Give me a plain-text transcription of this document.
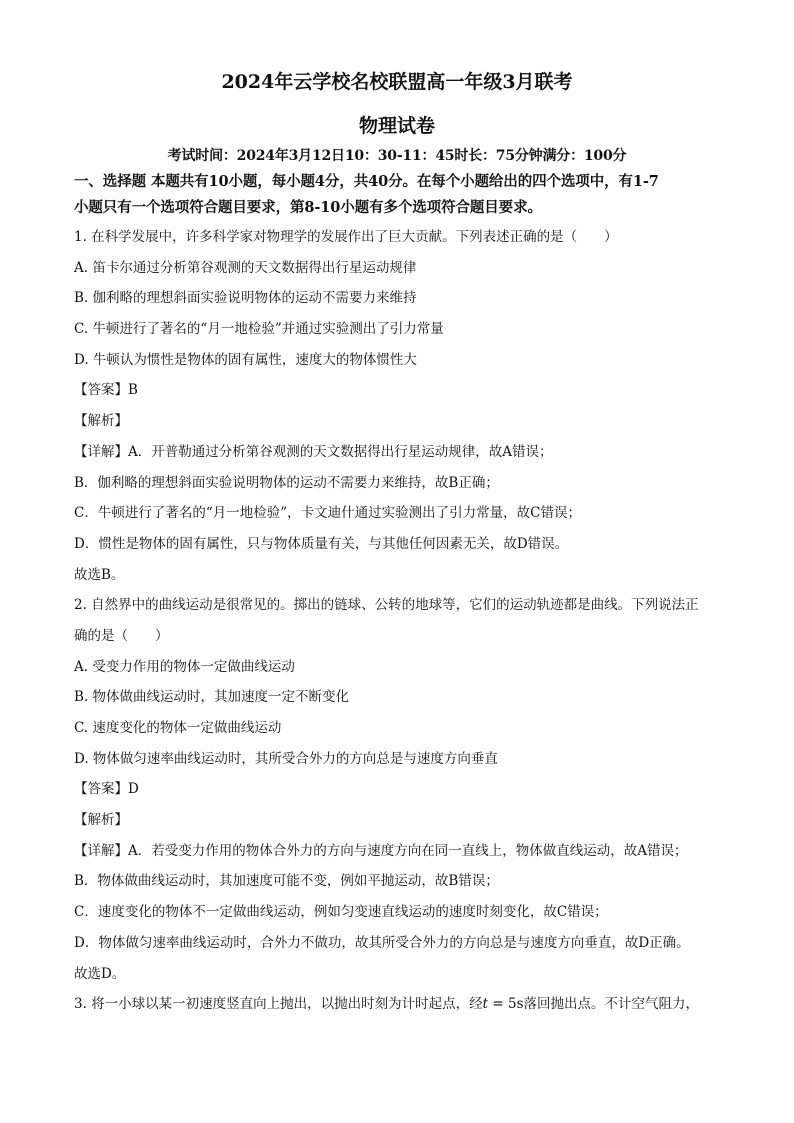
2024年云学校名校联盟高一年级3月联考
物理试卷
考试时间：2024年3月12日10：30-11：45时长：75分钟满分：100分
一、选择题 本题共有10小题，每小题4分，共40分。在每个小题给出的四个选项中，有1-7
小题只有一个选项符合题目要求，第8-10小题有多个选项符合题目要求。
1. 在科学发展中，许多科学家对物理学的发展作出了巨大贡献。下列表述正确的是（　　）
A. 笛卡尔通过分析第谷观测的天文数据得出行星运动规律
B. 伽利略的理想斜面实验说明物体的运动不需要力来维持
C. 牛顿进行了著名的“月一地检验”并通过实验测出了引力常量
D. 牛顿认为惯性是物体的固有属性，速度大的物体惯性大
【答案】B
【解析】
【详解】A．开普勒通过分析第谷观测的天文数据得出行星运动规律，故A错误；
B．伽利略的理想斜面实验说明物体的运动不需要力来维持，故B正确；
C．牛顿进行了著名的“月一地检验”，卡文迪什通过实验测出了引力常量，故C错误；
D．惯性是物体的固有属性，只与物体质量有关，与其他任何因素无关，故D错误。
故选B。
2. 自然界中的曲线运动是很常见的。掷出的链球、公转的地球等，它们的运动轨迹都是曲线。下列说法正
确的是（　　）
A. 受变力作用的物体一定做曲线运动
B. 物体做曲线运动时，其加速度一定不断变化
C. 速度变化的物体一定做曲线运动
D. 物体做匀速率曲线运动时，其所受合外力的方向总是与速度方向垂直
【答案】D
【解析】
【详解】A．若受变力作用的物体合外力的方向与速度方向在同一直线上，物体做直线运动，故A错误；
B．物体做曲线运动时，其加速度可能不变，例如平抛运动，故B错误；
C．速度变化的物体不一定做曲线运动，例如匀变速直线运动的速度时刻变化，故C错误；
D．物体做匀速率曲线运动时，合外力不做功，故其所受合外力的方向总是与速度方向垂直，故D正确。
故选D。
3. 将一小球以某一初速度竖直向上抛出，以抛出时刻为计时起点，经t = 5s落回抛出点。不计空气阻力，
